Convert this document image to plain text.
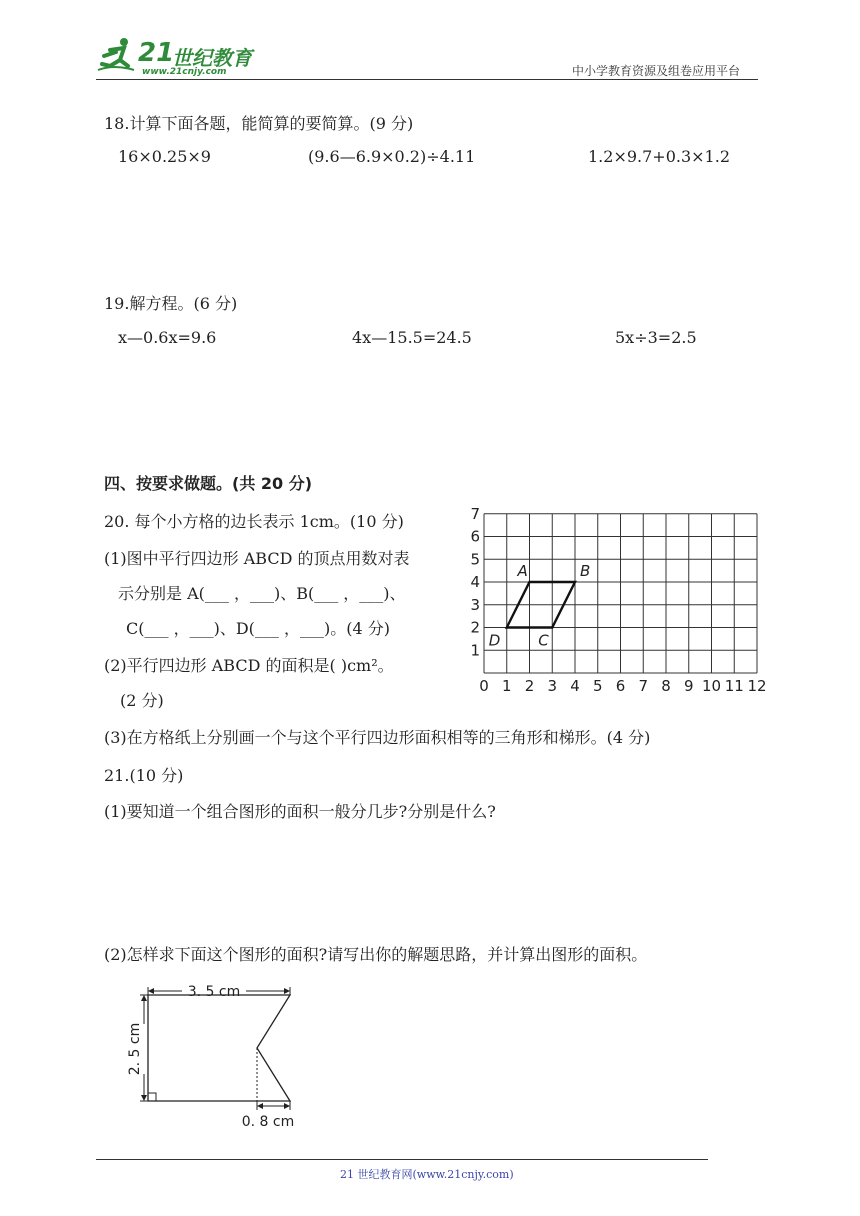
21
世纪教育
www.21cnjy.com	中小学教育资源及组卷应用平台
18.计算下面各题，能简算的要简算。(9 分)
16×0.25×9	(9.6—6.9×0.2)÷4.11	1.2×9.7+0.3×1.2
19.解方程。(6 分)
x—0.6x=9.6	4x—15.5=24.5	5x÷3=2.5
四、按要求做题。(共 20 分)
20. 每个小方格的边长表示 1cm。(10 分)
(1)图中平行四边形 ABCD 的顶点用数对表
示分别是 A(___ ，___)、B(___ ，___)、
C(___ ，___)、D(___ ，___)。(4 分)
(2)平行四边形 ABCD 的面积是( )cm²。
(2 分)
(3)在方格纸上分别画一个与这个平行四边形面积相等的三角形和梯形。(4 分)
0 1 2 3 4 5 6 7 8 9 10 11 12
1
2
3
4
5
6
7
A	B
C
D
21.(10 分)
(1)要知道一个组合图形的面积一般分几步?分别是什么?
(2)怎样求下面这个图形的面积?请写出你的解题思路，并计算出图形的面积。
3. 5 cm
2. 5 cm
0. 8 cm
21 世纪教育网(www.21cnjy.com)
